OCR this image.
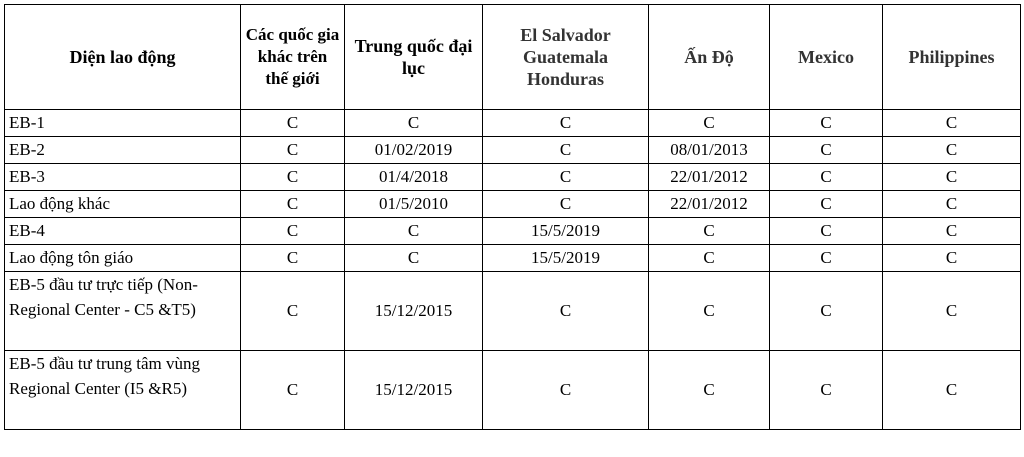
Diện lao động	Các quốc gia khác trên thế giới	Trung quốc đại lục	El Salvador Guatemala Honduras	Ấn Độ	Mexico	Philippines
EB-1	C	C	C	C	C	C
EB-2	C	01/02/2019	C	08/01/2013	C	C
EB-3	C	01/4/2018	C	22/01/2012	C	C
Lao động khác	C	01/5/2010	C	22/01/2012	C	C
EB-4	C	C	15/5/2019	C	C	C
Lao động tôn giáo	C	C	15/5/2019	C	C	C
EB-5 đầu tư trực tiếp (Non-Regional Center - C5 &T5)	C	15/12/2015	C	C	C	C
EB-5 đầu tư trung tâm vùng Regional Center (I5 &R5)	C	15/12/2015	C	C	C	C
